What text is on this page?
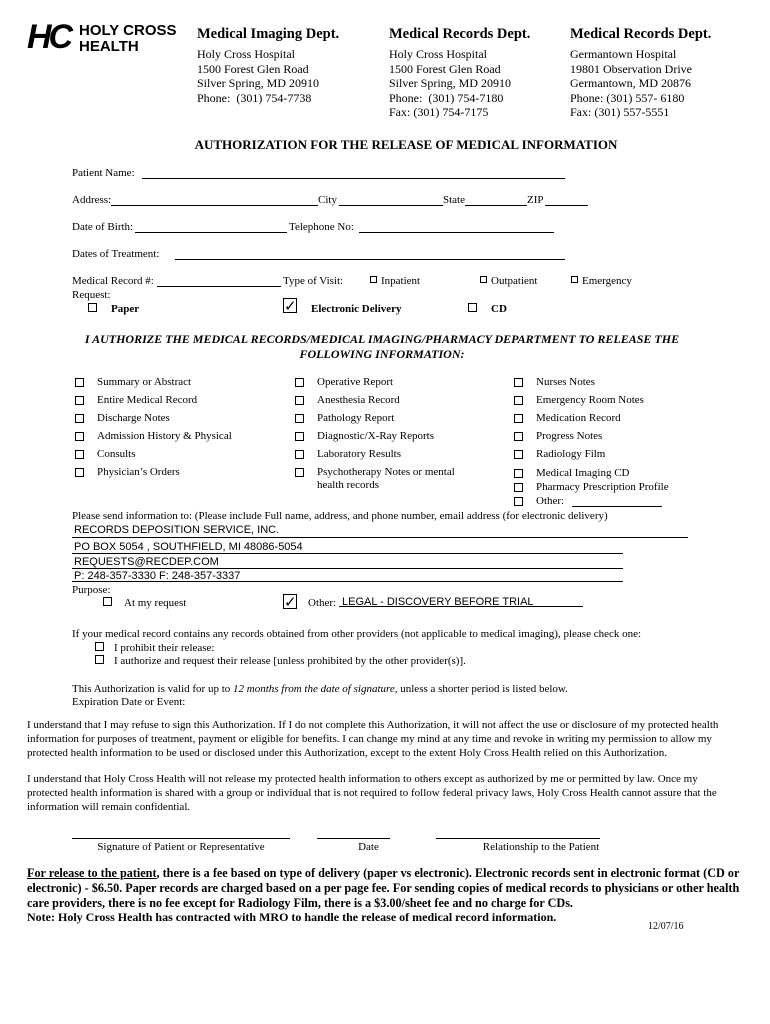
HC HOLY CROSS
HEALTH
Medical Imaging Dept.
Holy Cross Hospital
1500 Forest Glen Road
Silver Spring, MD 20910
Phone:  (301) 754-7738
Medical Records Dept.
Holy Cross Hospital
1500 Forest Glen Road
Silver Spring, MD 20910
Phone:  (301) 754-7180
Fax: (301) 754-7175
Medical Records Dept.
Germantown Hospital
19801 Observation Drive
Germantown, MD 20876
Phone: (301) 557- 6180
Fax: (301) 557-5551
AUTHORIZATION FOR THE RELEASE OF MEDICAL INFORMATION
Patient Name:
Address:	City	State	ZIP
Date of Birth:	Telephone No:
Dates of Treatment:
Medical Record #:	Type of Visit:	Inpatient	Outpatient	Emergency
Request:
Paper	✓ Electronic Delivery	CD
I AUTHORIZE THE MEDICAL RECORDS/MEDICAL IMAGING/PHARMACY DEPARTMENT TO RELEASE THE FOLLOWING INFORMATION:
Summary or Abstract
Entire Medical Record
Discharge Notes
Admission History & Physical
Consults
Physician’s Orders
Operative Report
Anesthesia Record
Pathology Report
Diagnostic/X-Ray Reports
Laboratory Results
Psychotherapy Notes or mental health records
Nurses Notes
Emergency Room Notes
Medication Record
Progress Notes
Radiology Film
Medical Imaging CD
Pharmacy Prescription Profile
Other:
Please send information to: (Please include Full name, address, and phone number, email address (for electronic delivery)
RECORDS DEPOSITION SERVICE, INC.
PO BOX 5054 , SOUTHFIELD, MI 48086-5054
REQUESTS@RECDEP.COM
P: 248-357-3330 F: 248-357-3337
Purpose:
At my request	✓ Other: LEGAL - DISCOVERY BEFORE TRIAL
If your medical record contains any records obtained from other providers (not applicable to medical imaging), please check one:
I prohibit their release:
I authorize and request their release [unless prohibited by the other provider(s)].
This Authorization is valid for up to 12 months from the date of signature, unless a shorter period is listed below.
Expiration Date or Event:
I understand that I may refuse to sign this Authorization. If I do not complete this Authorization, it will not affect the use or disclosure of my protected health information for purposes of treatment, payment or eligible for benefits. I can change my mind at any time and revoke in writing my permission to allow my protected health information to be used or disclosed under this Authorization, except to the extent Holy Cross Health relied on this Authorization.
I understand that Holy Cross Health will not release my protected health information to others except as authorized by me or permitted by law. Once my protected health information is shared with a group or individual that is not required to follow federal privacy laws, Holy Cross Health cannot assure that the information will remain confidential.
Signature of Patient or Representative	Date	Relationship to the Patient
For release to the patient, there is a fee based on type of delivery (paper vs electronic). Electronic records sent in electronic format (CD or electronic) - $6.50. Paper records are charged based on a per page fee. For sending copies of medical records to physicians or other health care providers, there is no fee except for Radiology Film, there is a $3.00/sheet fee and no charge for CDs.
Note: Holy Cross Health has contracted with MRO to handle the release of medical record information.
12/07/16
